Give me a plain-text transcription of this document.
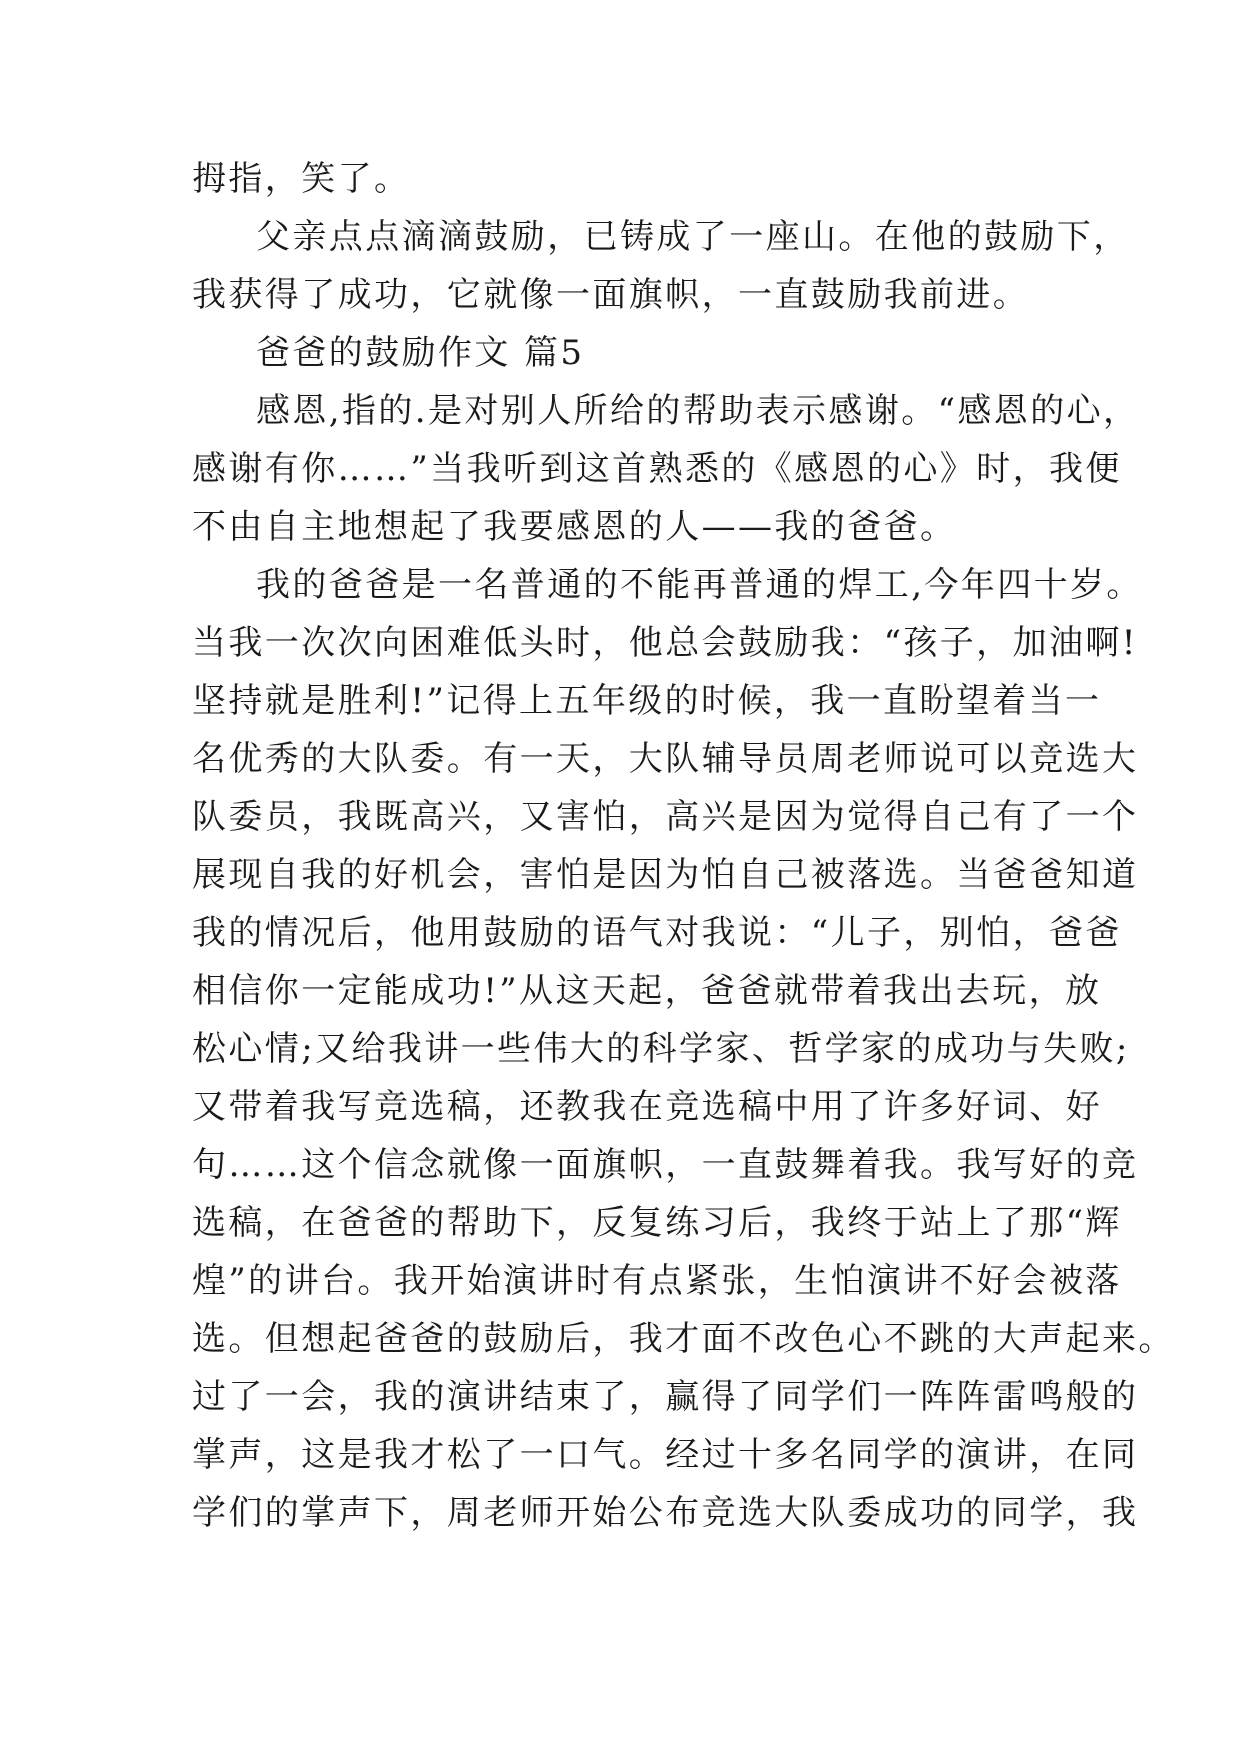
拇指，笑了。
父亲点点滴滴鼓励，已铸成了一座山。在他的鼓励下，
我获得了成功，它就像一面旗帜，一直鼓励我前进。
爸爸的鼓励作文 篇5
感恩,指的.是对别人所给的帮助表示感谢。“感恩的心，
感谢有你……”当我听到这首熟悉的《感恩的心》时，我便
不由自主地想起了我要感恩的人——我的爸爸。
我的爸爸是一名普通的不能再普通的焊工,今年四十岁。
当我一次次向困难低头时，他总会鼓励我：“孩子，加油啊!
坚持就是胜利!”记得上五年级的时候，我一直盼望着当一
名优秀的大队委。有一天，大队辅导员周老师说可以竞选大
队委员，我既高兴，又害怕，高兴是因为觉得自己有了一个
展现自我的好机会，害怕是因为怕自己被落选。当爸爸知道
我的情况后，他用鼓励的语气对我说：“儿子，别怕，爸爸
相信你一定能成功!”从这天起，爸爸就带着我出去玩，放
松心情;又给我讲一些伟大的科学家、哲学家的成功与失败;
又带着我写竞选稿，还教我在竞选稿中用了许多好词、好
句……这个信念就像一面旗帜，一直鼓舞着我。我写好的竞
选稿，在爸爸的帮助下，反复练习后，我终于站上了那“辉
煌”的讲台。我开始演讲时有点紧张，生怕演讲不好会被落
选。但想起爸爸的鼓励后，我才面不改色心不跳的大声起来。
过了一会，我的演讲结束了，赢得了同学们一阵阵雷鸣般的
掌声，这是我才松了一口气。经过十多名同学的演讲，在同
学们的掌声下，周老师开始公布竞选大队委成功的同学，我
